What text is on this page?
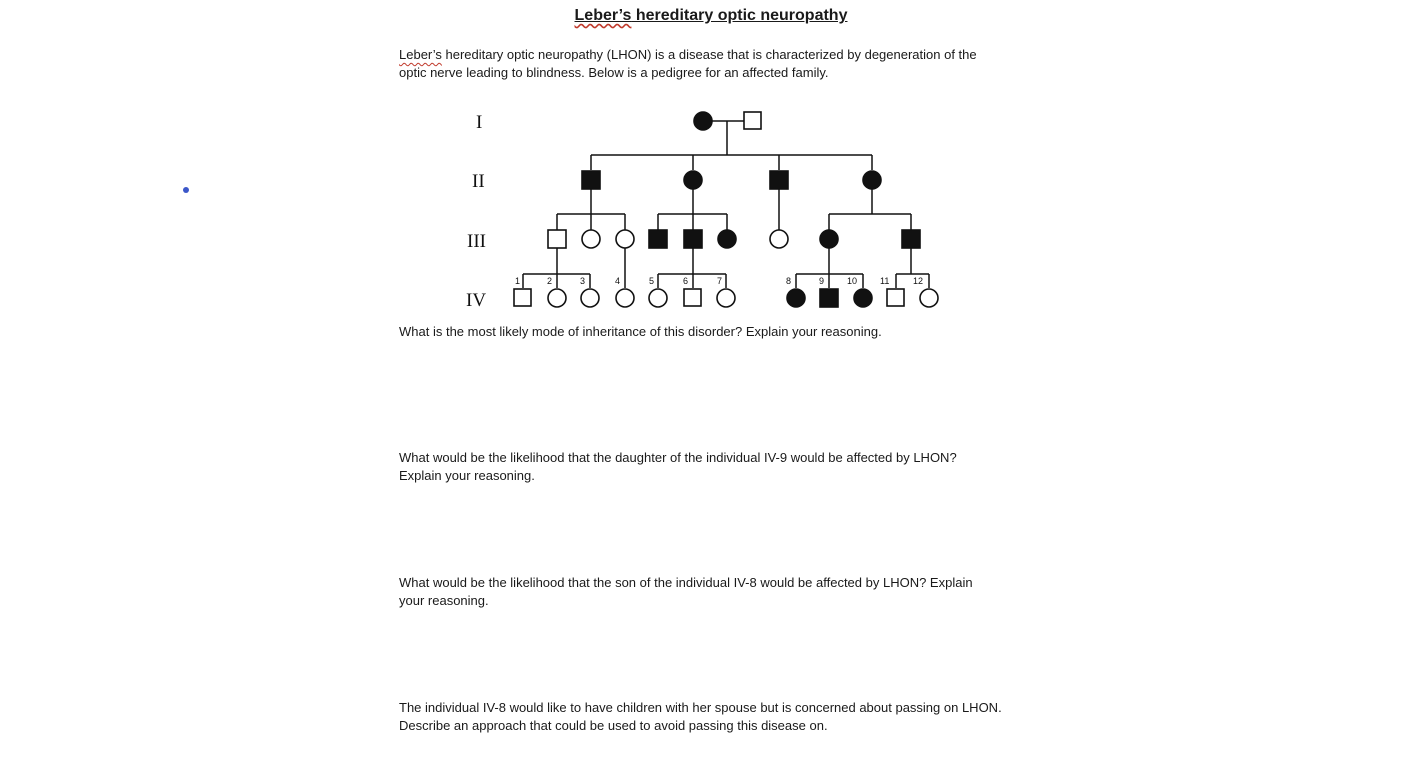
Leber’s hereditary optic neuropathy
Leber’s hereditary optic neuropathy (LHON) is a disease that is characterized by degeneration of the
optic nerve leading to blindness. Below is a pedigree for an affected family.
I
II
III
IV
1	2	3	4	5	6	7	8	9	10	11	12
What is the most likely mode of inheritance of this disorder? Explain your reasoning.
What would be the likelihood that the daughter of the individual IV-9 would be affected by LHON?
Explain your reasoning.
What would be the likelihood that the son of the individual IV-8 would be affected by LHON? Explain
your reasoning.
The individual IV-8 would like to have children with her spouse but is concerned about passing on LHON.
Describe an approach that could be used to avoid passing this disease on.
